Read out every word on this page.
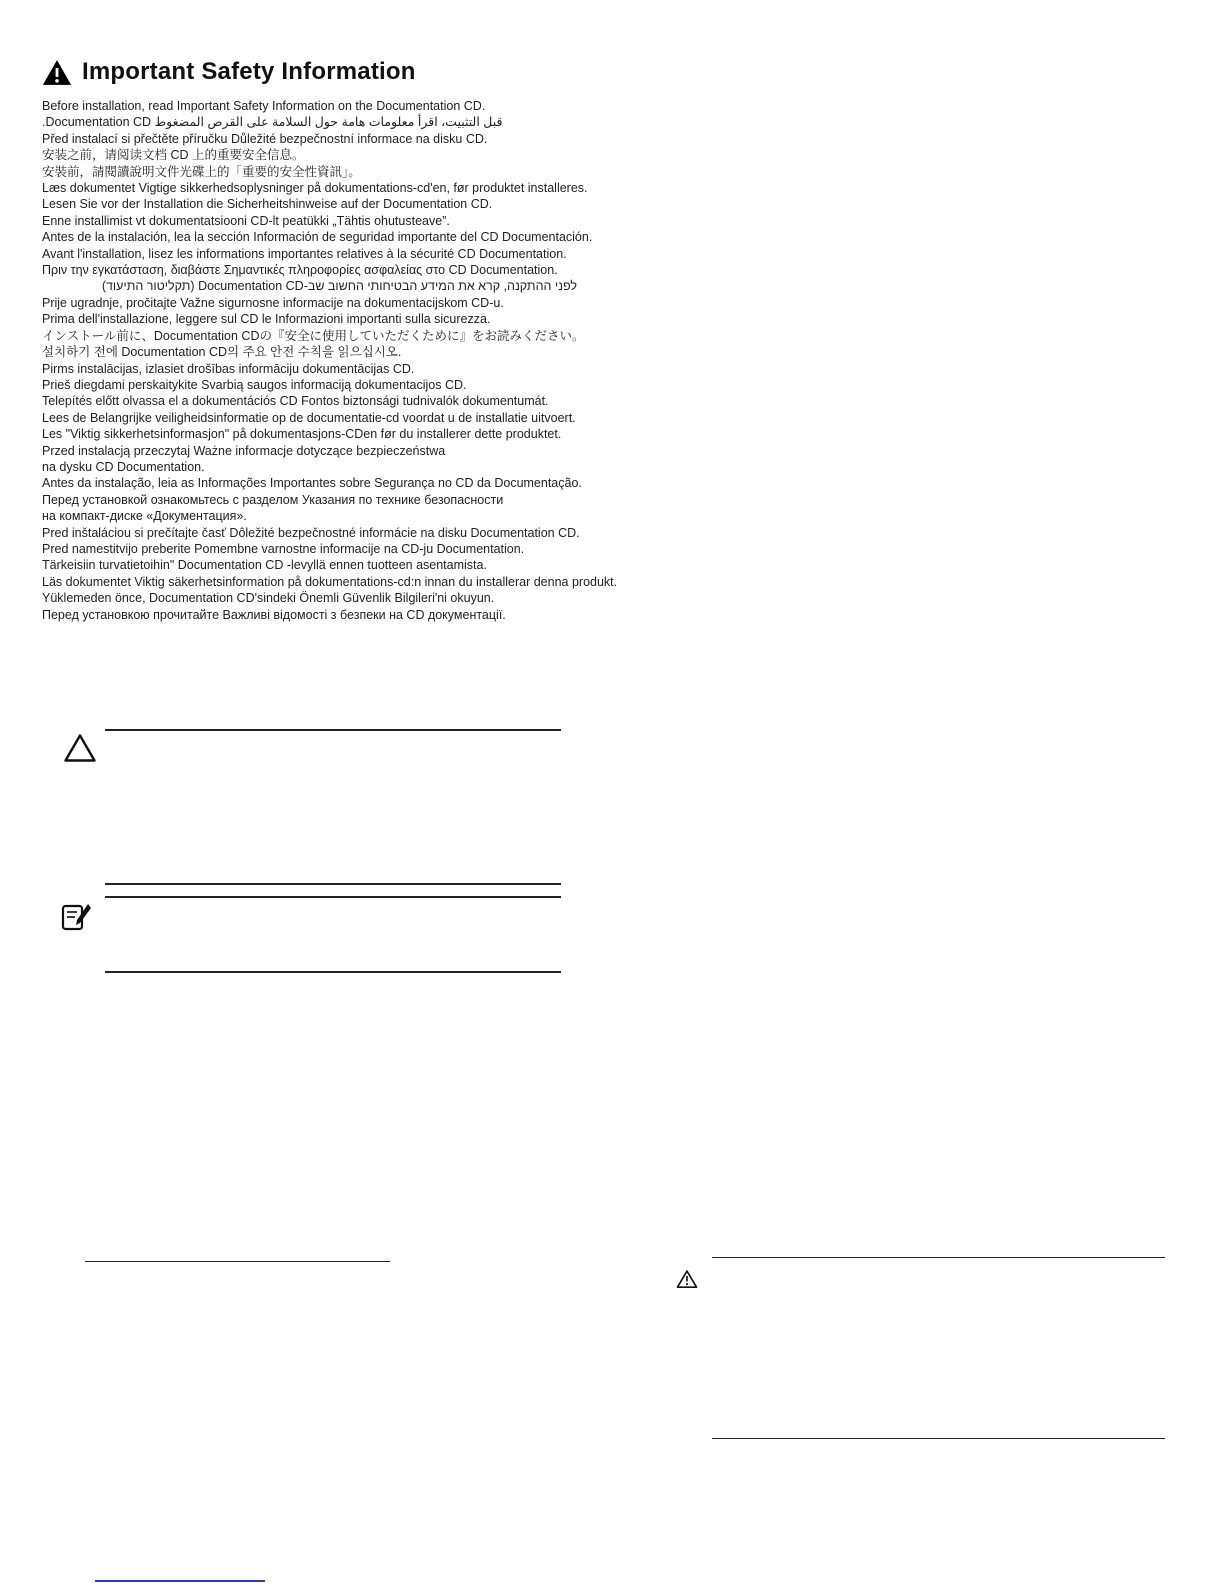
Important Safety Information
Before installation, read Important Safety Information on the Documentation CD.
.Documentation CD قبل التثبيت، اقرأ معلومات هامة حول السلامة على القرص المضغوط
Před instalací si přečtěte příručku Důležité bezpečnostní informace na disku CD.
安装之前，请阅读文档 CD 上的重要安全信息。
安裝前，請閱讀說明文件光碟上的「重要的安全性資訊」。
Læs dokumentet Vigtige sikkerhedsoplysninger på dokumentations-cd'en, før produktet installeres.
Lesen Sie vor der Installation die Sicherheitshinweise auf der Documentation CD.
Enne installimist vt dokumentatsiooni CD-lt peatükki „Tähtis ohutusteave”.
Antes de la instalación, lea la sección Información de seguridad importante del CD Documentación.
Avant l'installation, lisez les informations importantes relatives à la sécurité CD Documentation.
Πριν την εγκατάσταση, διαβάστε Σημαντικές πληροφορίες ασφαλείας στο CD Documentation.
לפני ההתקנה, קרא את המידע הבטיחותי החשוב שב-Documentation CD (תקליטור התיעוד)
Prije ugradnje, pročitajte Važne sigurnosne informacije na dokumentacijskom CD-u.
Prima dell'installazione, leggere sul CD le Informazioni importanti sulla sicurezza.
インストール前に、Documentation CDの『安全に使用していただくために』をお読みください。
설치하기 전에 Documentation CD의 주요 안전 수칙을 읽으십시오.
Pirms instalācijas, izlasiet drošības informāciju dokumentācijas CD.
Prieš diegdami perskaitykite Svarbią saugos informaciją dokumentacijos CD.
Telepítés előtt olvassa el a dokumentációs CD Fontos biztonsági tudnivalók dokumentumát.
Lees de Belangrijke veiligheidsinformatie op de documentatie-cd voordat u de installatie uitvoert.
Les "Viktig sikkerhetsinformasjon" på dokumentasjons-CDen før du installerer dette produktet.
Przed instalacją przeczytaj Ważne informacje dotyczące bezpieczeństwa
na dysku CD Documentation.
Antes da instalação, leia as Informações Importantes sobre Segurança no CD da Documentação.
Перед установкой ознакомьтесь с разделом Указания по технике безопасности
на компакт-диске «Документация».
Pred inštaláciou si prečítajte časť Dôležité bezpečnostné informácie na disku Documentation CD.
Pred namestitvijo preberite Pomembne varnostne informacije na CD-ju Documentation.
Tärkeisiin turvatietoihin" Documentation CD -levyllä ennen tuotteen asentamista.
Läs dokumentet Viktig säkerhetsinformation på dokumentations-cd:n innan du installerar denna produkt.
Yüklemeden önce, Documentation CD'sindeki Önemli Güvenlik Bilgileri'ni okuyun.
Перед установкою прочитайте Важливі відомості з безпеки на CD документації.
